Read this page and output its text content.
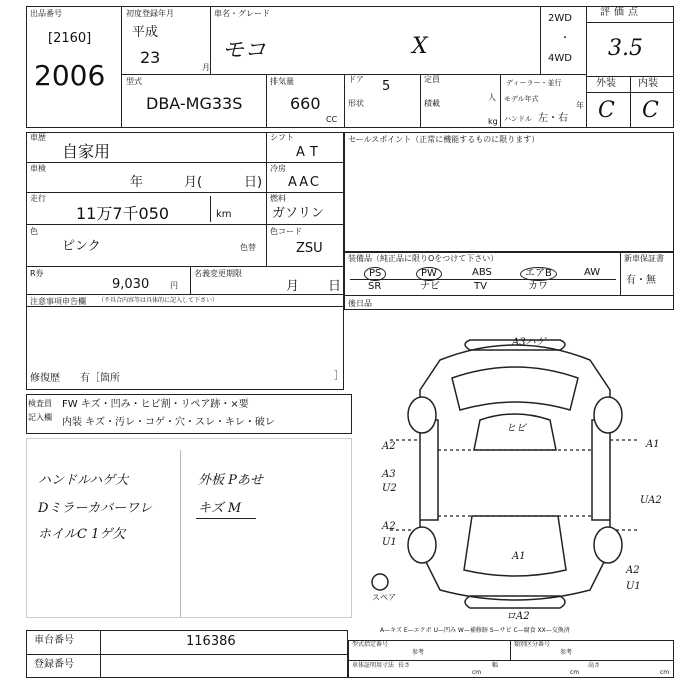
出品番号
[2160]
2006
初度登録年月
平成
23
月
車名・グレード
モコ	X
2WD
・
4WD
評価点
3.5
外装 内装
C C
型式
DBA-MG33S
排気量
660
CC
ドア 5
形状
定員
人
積載
kg
ディーラー・並行
モデル年式
年
ハンドル 左・右
車歴
自家用
シフト
AT
車検
年	月(	日)
冷房
AAC
走行
11万7千050	km
燃料
ガソリン
色
ピンク	色替
色コード
ZSU
R券
9,030	円
名義変更期限
月 日
注意事項申告欄 （不具合内容等は具体的に記入して下さい）
修復歴 有［箇所	］
セールスポイント（正常に機能するものに限ります）
装備品（純正品に限りOをつけて下さい）	新車保証書
有・無
PS	PW	ABS	エアB	AW
SR	ナビ	TV	カワ
後日品
検査員
記入欄
FW キズ・凹み・ヒビ割・リペア跡・×要
内装 キズ・汚レ・コゲ・穴・スレ・キレ・破レ
ハンドルハゲ大
Dミラーカバーワレ
ホイルC 1ゲ欠
外板 Pあせ
キズ M
A3ハゲ
ヒビ
A1
ロA2
スペア
A2
A3
U2
A2
U1
A1
UA2
A2
U1
A—キズ E—エクボ U—凹み W—補修跡 S—サビ C—腐食 XX—交換済
車台番号	116386
登録番号
型式指定番号
参考
類別区分番号
参考
車体証明用寸法 長さ
cm
幅
cm
高さ
cm
